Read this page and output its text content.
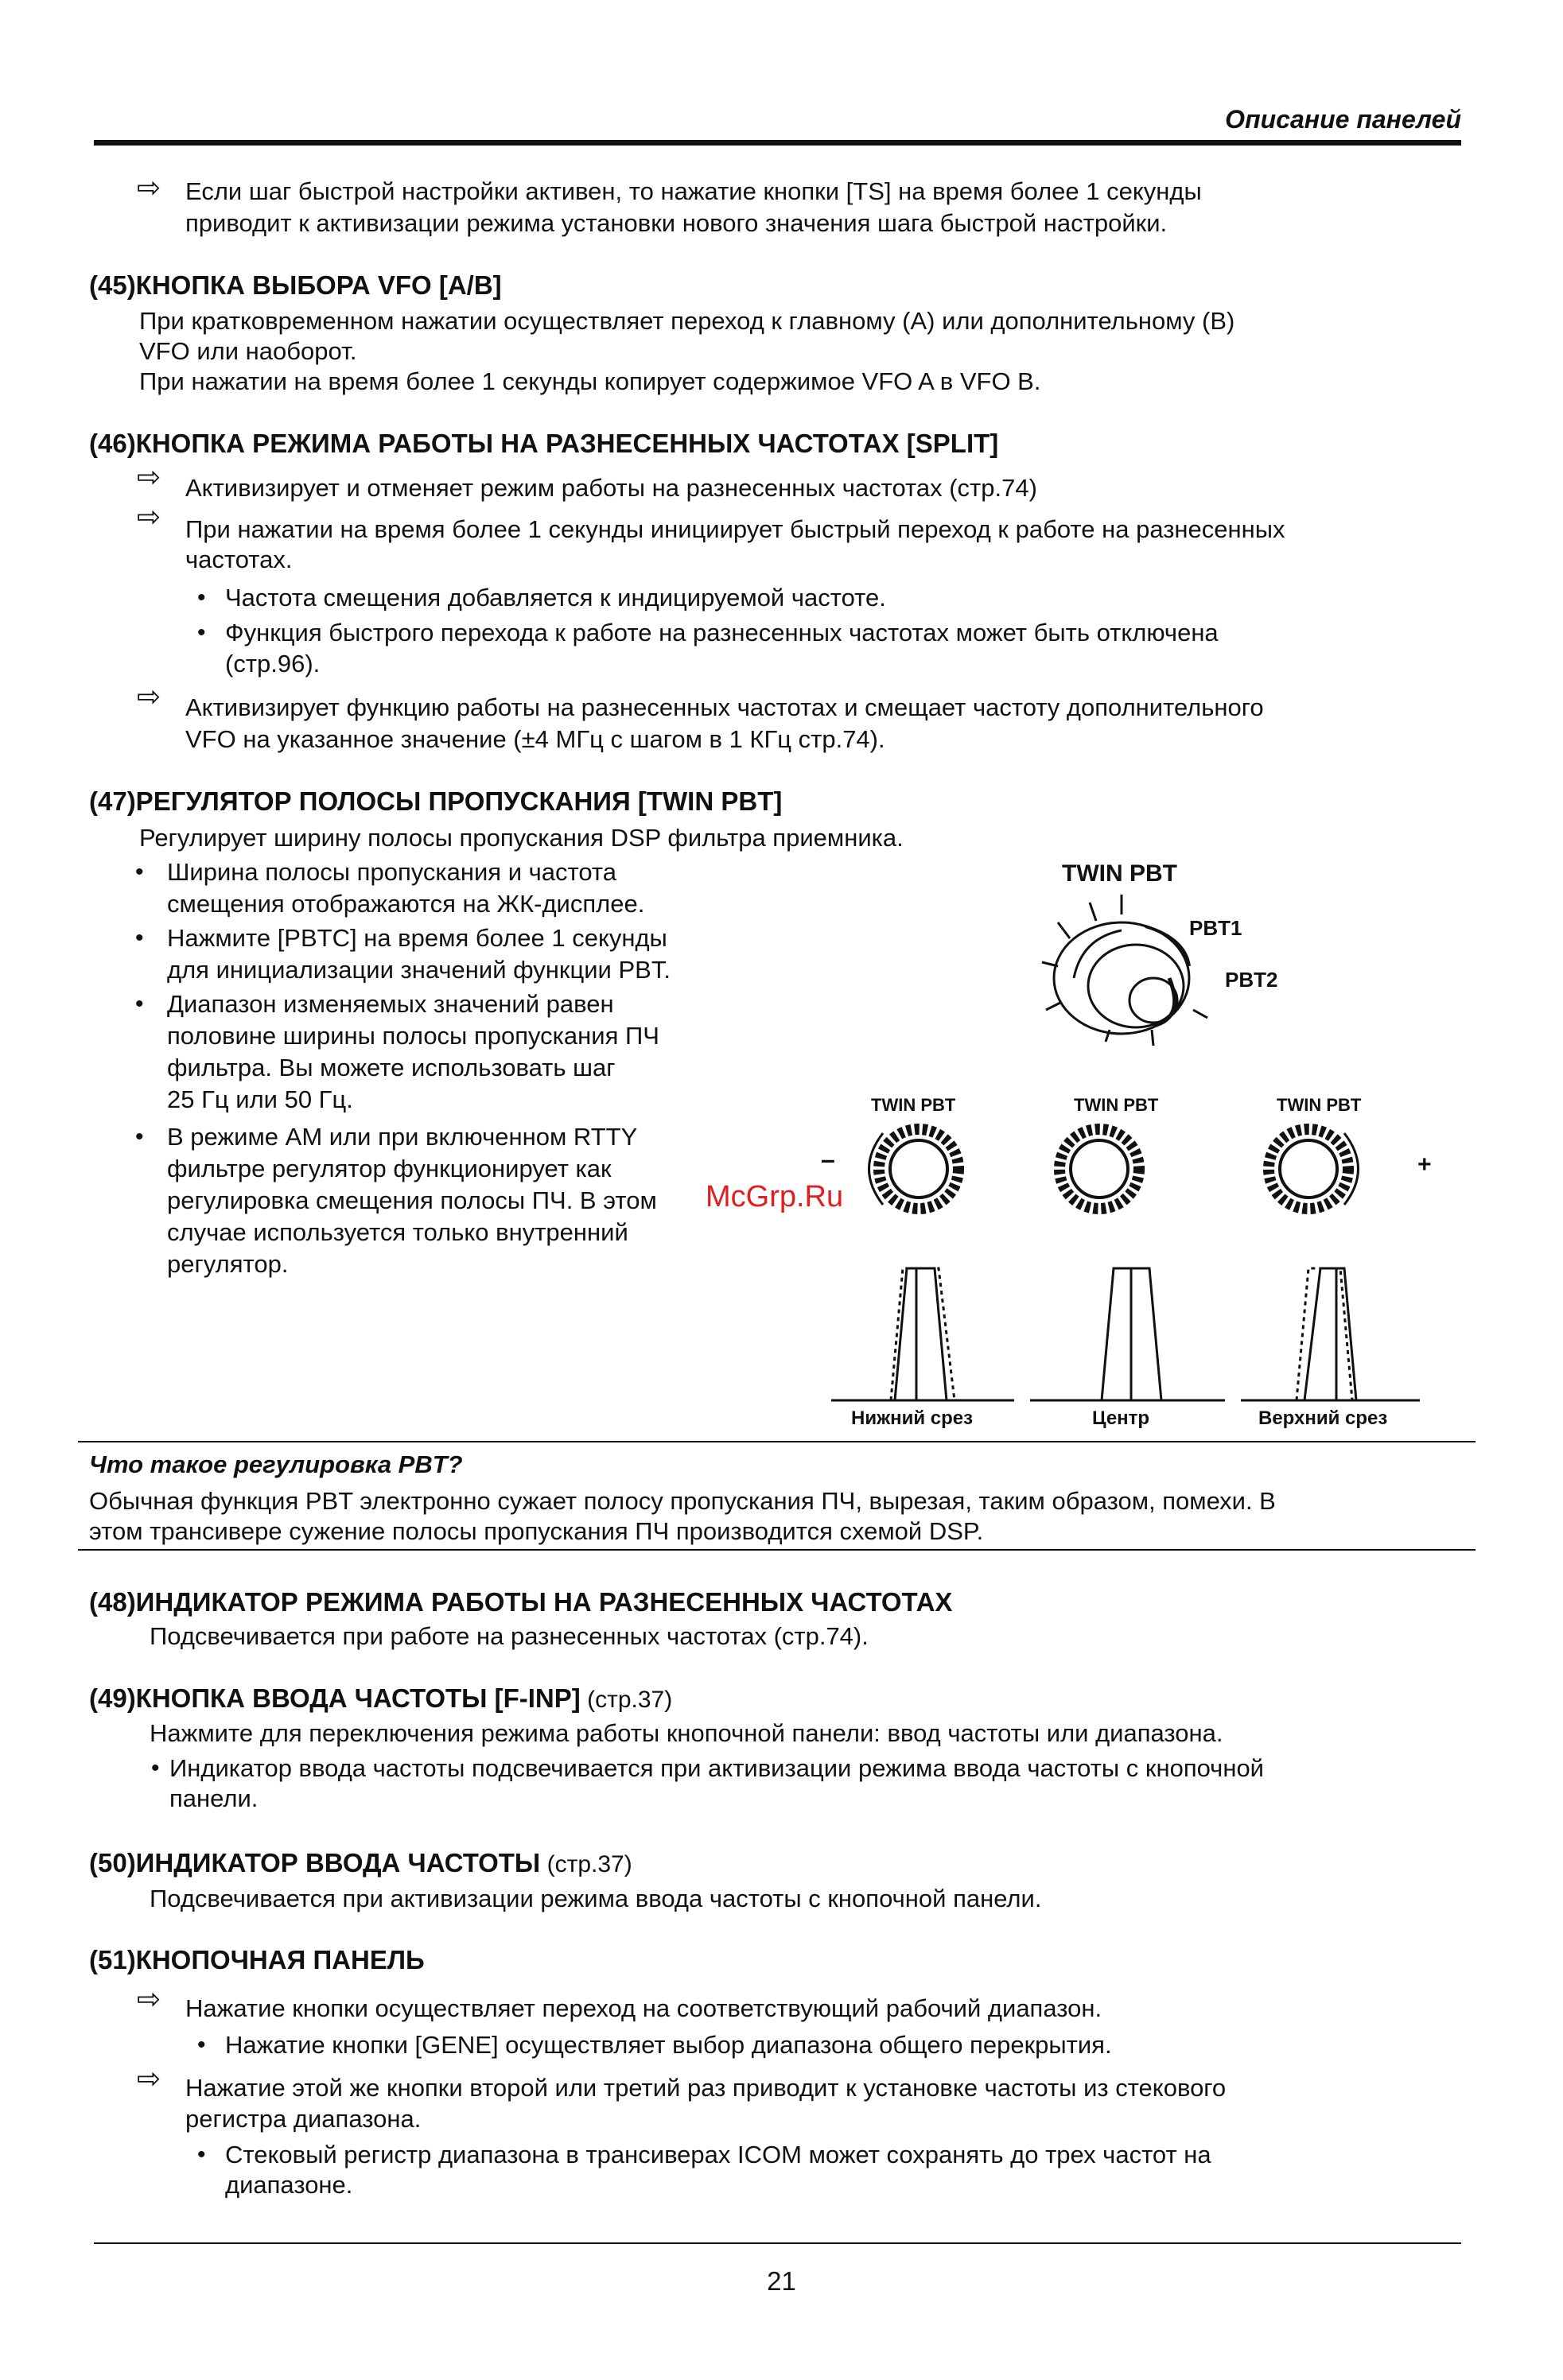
Описание панелей
⇨ Если шаг быстрой настройки активен, то нажатие кнопки [TS] на время более 1 секунды
приводит к активизации режима установки нового значения шага быстрой настройки.
(45)КНОПКА ВЫБОРА VFO [A/B]
При кратковременном нажатии осуществляет переход к главному (A) или дополнительному (B)
VFO или наоборот.
При нажатии на время более 1 секунды копирует содержимое VFO A в VFO B.
(46)КНОПКА РЕЖИМА РАБОТЫ НА РАЗНЕСЕННЫХ ЧАСТОТАХ [SPLIT]
⇨ Активизирует и отменяет режим работы на разнесенных частотах (стр.74)
⇨ При нажатии на время более 1 секунды инициирует быстрый переход к работе на разнесенных
частотах.
• Частота смещения добавляется к индицируемой частоте.
• Функция быстрого перехода к работе на разнесенных частотах может быть отключена
(стр.96).
⇨ Активизирует функцию работы на разнесенных частотах и смещает частоту дополнительного
VFO на указанное значение (±4 МГц с шагом в 1 КГц стр.74).
(47)РЕГУЛЯТОР ПОЛОСЫ ПРОПУСКАНИЯ [TWIN PBT]
Регулирует ширину полосы пропускания DSP фильтра приемника.
• Ширина полосы пропускания и частота
смещения отображаются на ЖК-дисплее.
• Нажмите [PBTC] на время более 1 секунды
для инициализации значений функции PBT.
• Диапазон изменяемых значений равен
половине ширины полосы пропускания ПЧ
фильтра. Вы можете использовать шаг
25 Гц или 50 Гц.
• В режиме AM или при включенном RTTY
фильтре регулятор функционирует как
регулировка смещения полосы ПЧ. В этом
случае используется только внутренний
регулятор.
McGrp.Ru
TWIN PBT
PBT1
PBT2
TWIN PBT	TWIN PBT	TWIN PBT
–	+
Нижний срез	Центр	Верхний срез
Что такое регулировка PBT?
Обычная функция PBT электронно сужает полосу пропускания ПЧ, вырезая, таким образом, помехи. В
этом трансивере сужение полосы пропускания ПЧ производится схемой DSP.
(48)ИНДИКАТОР РЕЖИМА РАБОТЫ НА РАЗНЕСЕННЫХ ЧАСТОТАХ
Подсвечивается при работе на разнесенных частотах (стр.74).
(49)КНОПКА ВВОДА ЧАСТОТЫ [F-INP] (стр.37)
Нажмите для переключения режима работы кнопочной панели: ввод частоты или диапазона.
• Индикатор ввода частоты подсвечивается при активизации режима ввода частоты с кнопочной
панели.
(50)ИНДИКАТОР ВВОДА ЧАСТОТЫ (стр.37)
Подсвечивается при активизации режима ввода частоты с кнопочной панели.
(51)КНОПОЧНАЯ ПАНЕЛЬ
⇨ Нажатие кнопки осуществляет переход на соответствующий рабочий диапазон.
• Нажатие кнопки [GENE] осуществляет выбор диапазона общего перекрытия.
⇨ Нажатие этой же кнопки второй или третий раз приводит к установке частоты из стекового
регистра диапазона.
• Стековый регистр диапазона в трансиверах ICOM может сохранять до трех частот на
диапазоне.
21
